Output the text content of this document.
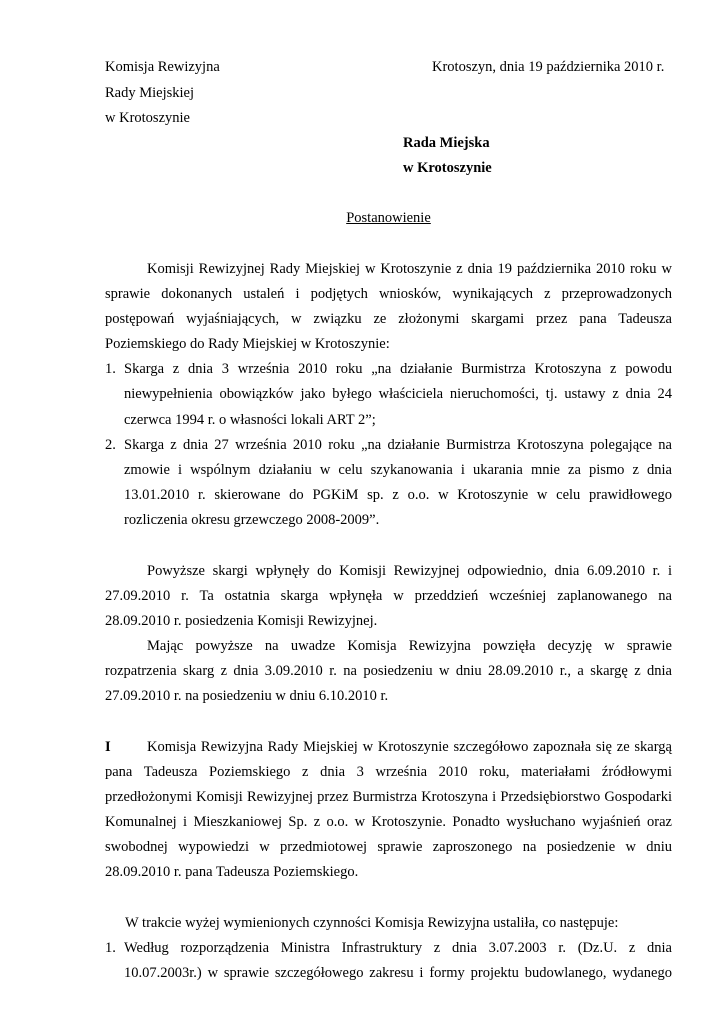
Komisja Rewizyjna	Krotoszyn, dnia 19 października 2010 r.
Rady Miejskiej
w Krotoszynie
Rada Miejska
w Krotoszynie
Postanowienie
Komisji Rewizyjnej Rady Miejskiej w Krotoszynie z dnia 19 października 2010 roku w
sprawie dokonanych ustaleń i podjętych wniosków, wynikających z przeprowadzonych
postępowań wyjaśniających, w związku ze złożonymi skargami przez pana Tadeusza
Poziemskiego do Rady Miejskiej w Krotoszynie:
1. Skarga z dnia 3 września 2010 roku „na działanie Burmistrza Krotoszyna z powodu
niewypełnienia obowiązków jako byłego właściciela nieruchomości, tj. ustawy z dnia 24
czerwca 1994 r. o własności lokali ART 2”;
2. Skarga z dnia 27 września 2010 roku „na działanie Burmistrza Krotoszyna polegające na
zmowie i wspólnym działaniu w celu szykanowania i ukarania mnie za pismo z dnia
13.01.2010 r. skierowane do PGKiM sp. z o.o. w Krotoszynie w celu prawidłowego
rozliczenia okresu grzewczego 2008-2009”.
Powyższe skargi wpłynęły do Komisji Rewizyjnej odpowiednio, dnia 6.09.2010 r. i
27.09.2010 r. Ta ostatnia skarga wpłynęła w przeddzień wcześniej zaplanowanego na
28.09.2010 r. posiedzenia Komisji Rewizyjnej.
Mając powyższe na uwadze Komisja Rewizyjna powzięła decyzję w sprawie
rozpatrzenia skarg z dnia 3.09.2010 r. na posiedzeniu w dniu 28.09.2010 r., a skargę z dnia
27.09.2010 r. na posiedzeniu w dniu 6.10.2010 r.
I	Komisja Rewizyjna Rady Miejskiej w Krotoszynie szczegółowo zapoznała się ze skargą
pana Tadeusza Poziemskiego z dnia 3 września 2010 roku, materiałami źródłowymi
przedłożonymi Komisji Rewizyjnej przez Burmistrza Krotoszyna i Przedsiębiorstwo Gospodarki
Komunalnej i Mieszkaniowej Sp. z o.o. w Krotoszynie. Ponadto wysłuchano wyjaśnień oraz
swobodnej wypowiedzi w przedmiotowej sprawie zaproszonego na posiedzenie w dniu
28.09.2010 r. pana Tadeusza Poziemskiego.
W trakcie wyżej wymienionych czynności Komisja Rewizyjna ustaliła, co następuje:
1. Według rozporządzenia Ministra Infrastruktury z dnia 3.07.2003 r. (Dz.U. z dnia
10.07.2003r.) w sprawie szczegółowego zakresu i formy projektu budowlanego, wydanego
